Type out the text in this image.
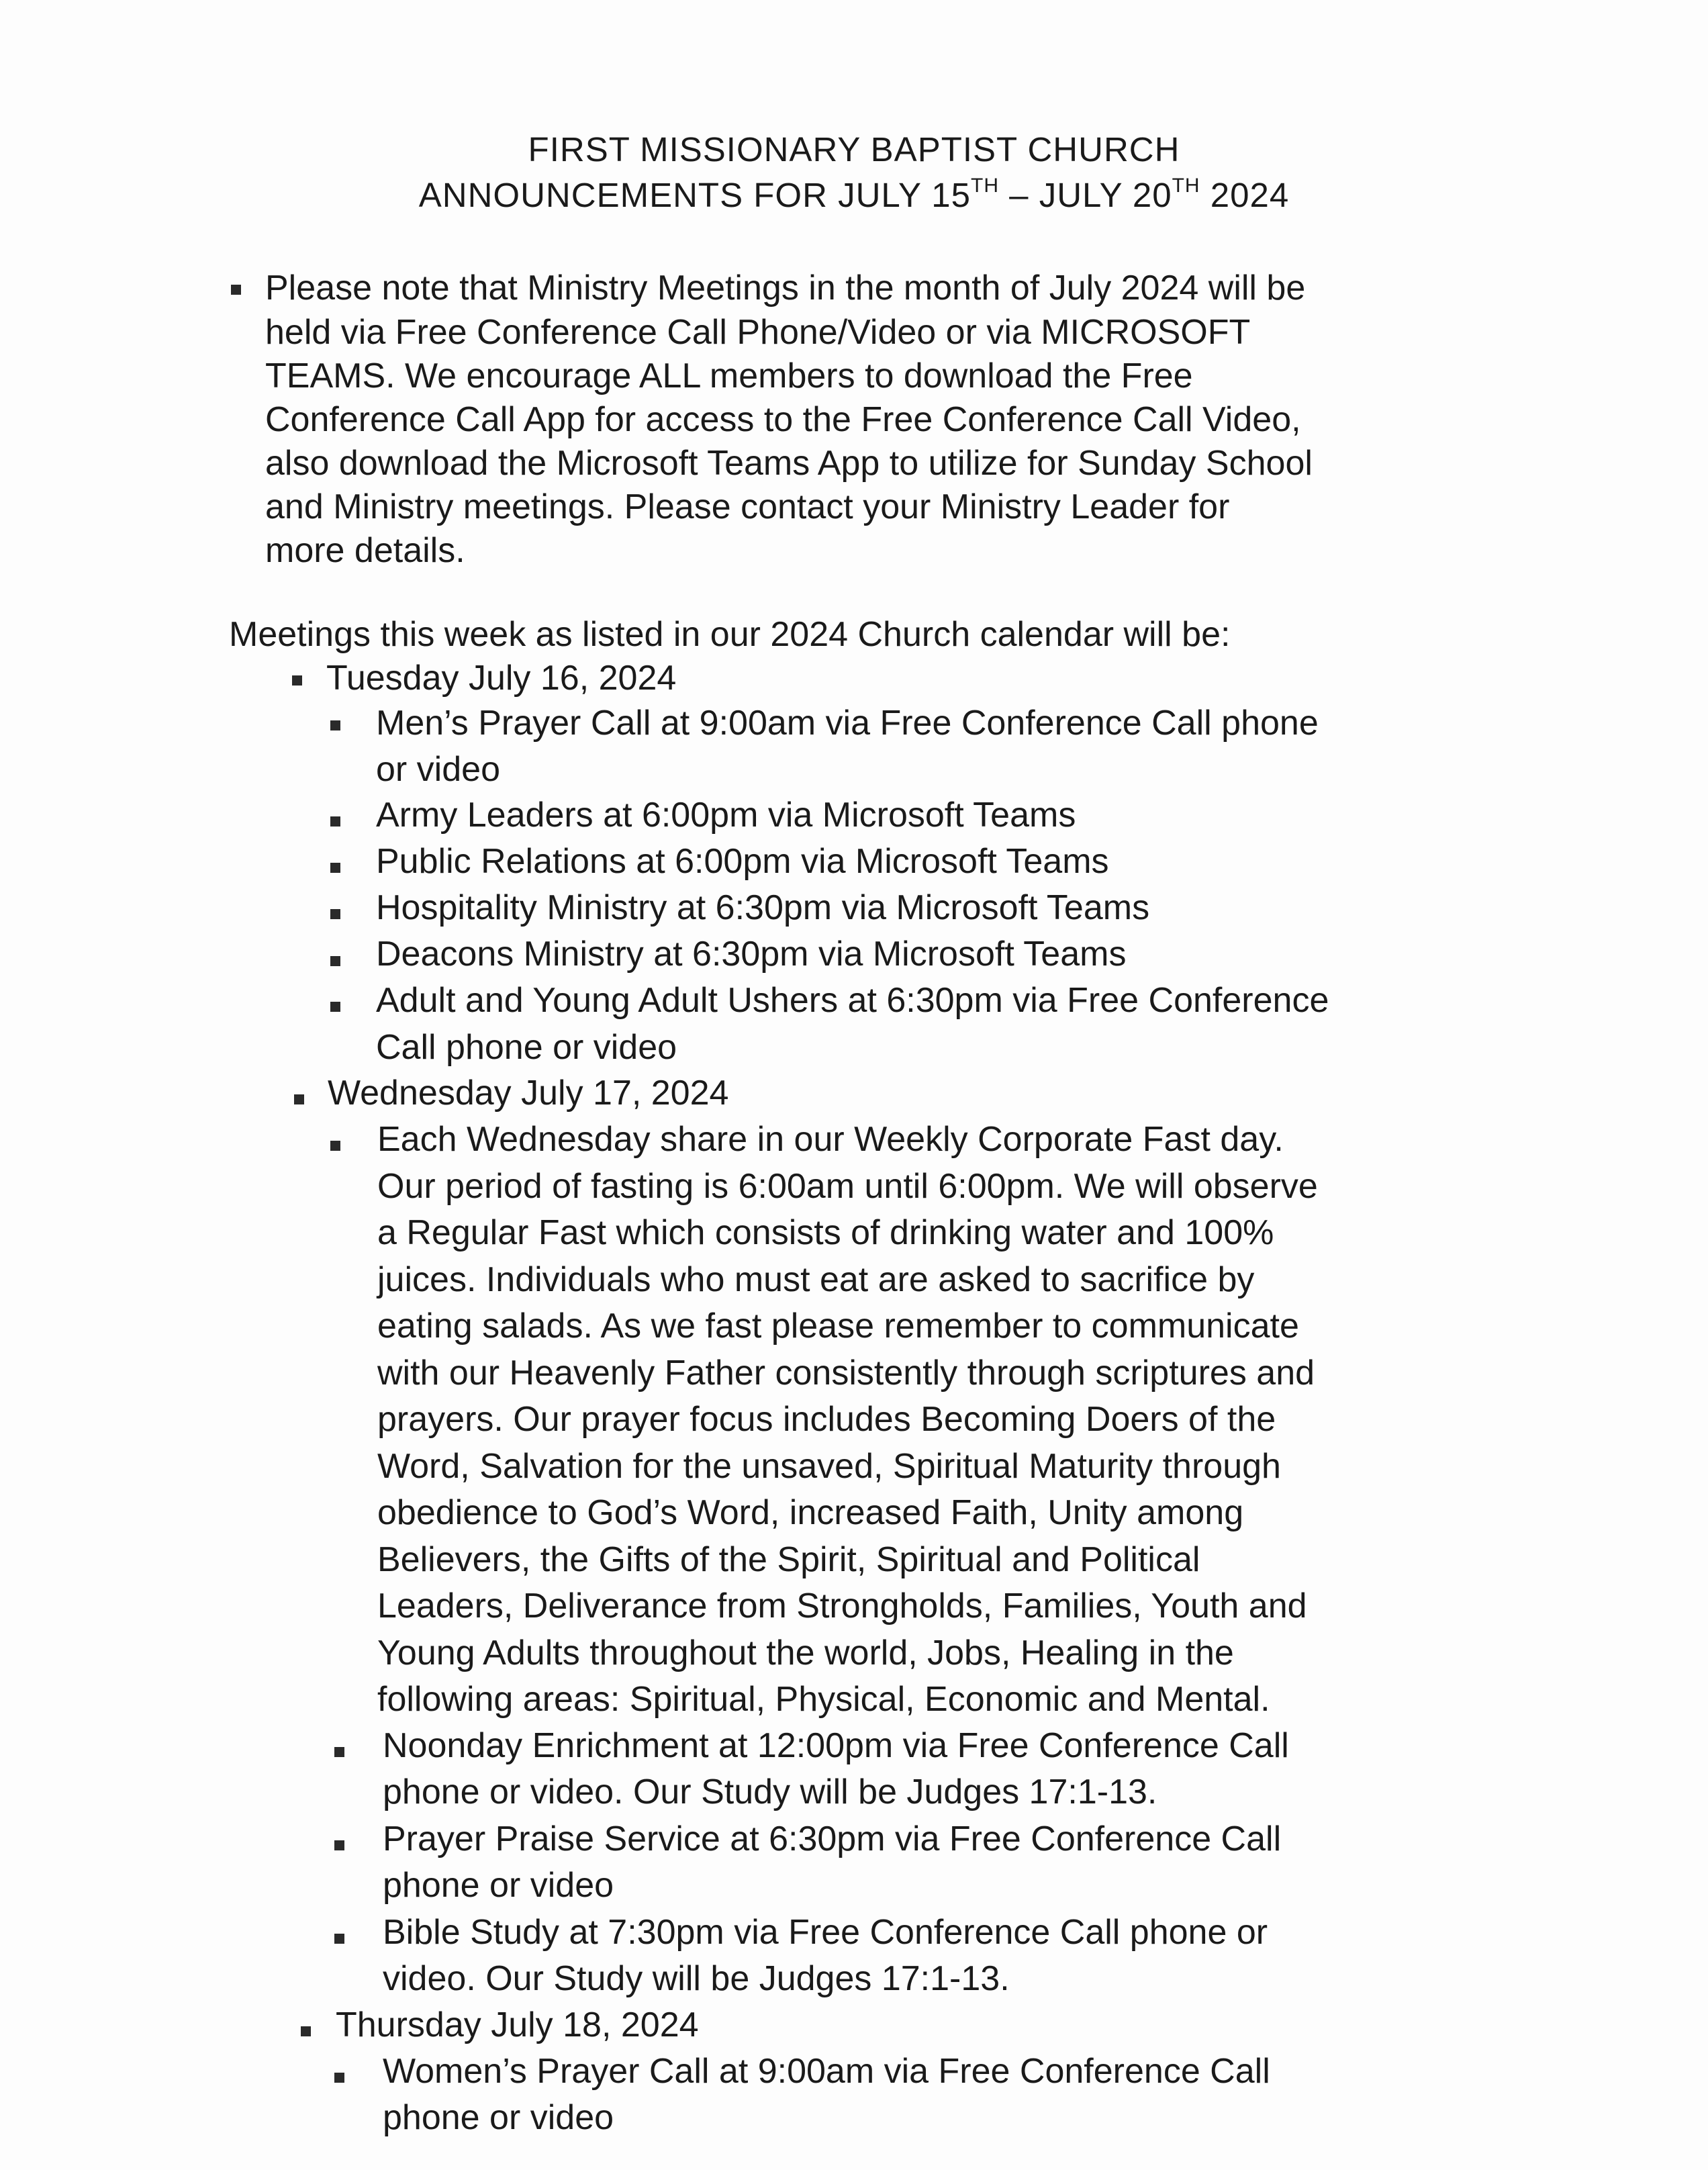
FIRST MISSIONARY BAPTIST CHURCH
ANNOUNCEMENTS FOR JULY 15TH – JULY 20TH 2024
Please note that Ministry Meetings in the month of July 2024 will be
held via Free Conference Call Phone/Video or via MICROSOFT
TEAMS. We encourage ALL members to download the Free
Conference Call App for access to the Free Conference Call Video,
also download the Microsoft Teams App to utilize for Sunday School
and Ministry meetings. Please contact your Ministry Leader for
more details.
Meetings this week as listed in our 2024 Church calendar will be:
Tuesday July 16, 2024
Men’s Prayer Call at 9:00am via Free Conference Call phone
or video
Army Leaders at 6:00pm via Microsoft Teams
Public Relations at 6:00pm via Microsoft Teams
Hospitality Ministry at 6:30pm via Microsoft Teams
Deacons Ministry at 6:30pm via Microsoft Teams
Adult and Young Adult Ushers at 6:30pm via Free Conference
Call phone or video
Wednesday July 17, 2024
Each Wednesday share in our Weekly Corporate Fast day.
Our period of fasting is 6:00am until 6:00pm. We will observe
a Regular Fast which consists of drinking water and 100%
juices. Individuals who must eat are asked to sacrifice by
eating salads. As we fast please remember to communicate
with our Heavenly Father consistently through scriptures and
prayers. Our prayer focus includes Becoming Doers of the
Word, Salvation for the unsaved, Spiritual Maturity through
obedience to God’s Word, increased Faith, Unity among
Believers, the Gifts of the Spirit, Spiritual and Political
Leaders, Deliverance from Strongholds, Families, Youth and
Young Adults throughout the world, Jobs, Healing in the
following areas: Spiritual, Physical, Economic and Mental.
Noonday Enrichment at 12:00pm via Free Conference Call
phone or video. Our Study will be Judges 17:1-13.
Prayer Praise Service at 6:30pm via Free Conference Call
phone or video
Bible Study at 7:30pm via Free Conference Call phone or
video. Our Study will be Judges 17:1-13.
Thursday July 18, 2024
Women’s Prayer Call at 9:00am via Free Conference Call
phone or video
